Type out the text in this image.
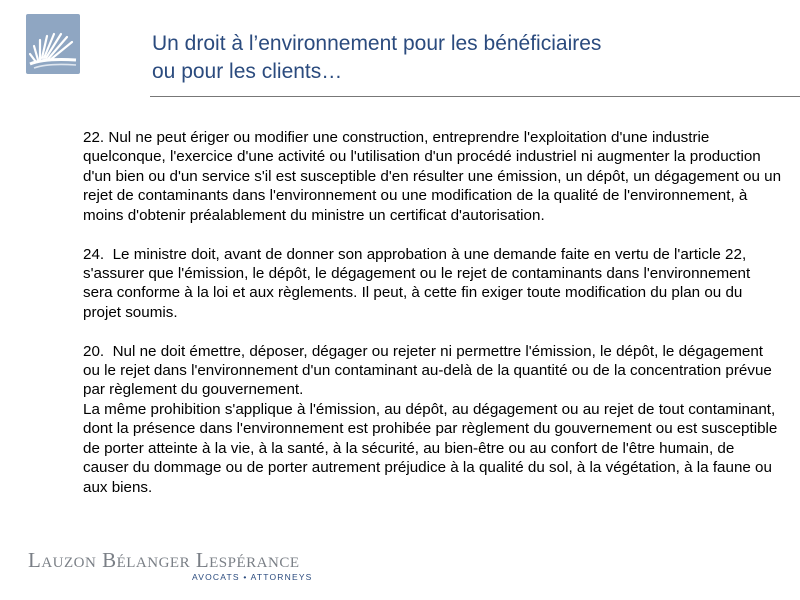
Un droit à l’environnement pour les bénéficiaires
ou pour les clients…

22. Nul ne peut ériger ou modifier une construction, entreprendre l'exploitation d'une industrie quelconque, l'exercice d'une activité ou l'utilisation d'un procédé industriel ni augmenter la production d'un bien ou d'un service s'il est susceptible d'en résulter une émission, un dépôt, un dégagement ou un rejet de contaminants dans l'environnement ou une modification de la qualité de l'environnement, à moins d'obtenir préalablement du ministre un certificat d'autorisation.

24. Le ministre doit, avant de donner son approbation à une demande faite en vertu de l'article 22, s'assurer que l'émission, le dépôt, le dégagement ou le rejet de contaminants dans l'environnement sera conforme à la loi et aux règlements. Il peut, à cette fin exiger toute modification du plan ou du projet soumis.

20. Nul ne doit émettre, déposer, dégager ou rejeter ni permettre l'émission, le dépôt, le dégagement ou le rejet dans l'environnement d'un contaminant au-delà de la quantité ou de la concentration prévue par règlement du gouvernement.

La même prohibition s'applique à l'émission, au dépôt, au dégagement ou au rejet de tout contaminant, dont la présence dans l'environnement est prohibée par règlement du gouvernement ou est susceptible de porter atteinte à la vie, à la santé, à la sécurité, au bien-être ou au confort de l'être humain, de causer du dommage ou de porter autrement préjudice à la qualité du sol, à la végétation, à la faune ou aux biens.

Lauzon Bélanger Lespérance
AVOCATS • ATTORNEYS
